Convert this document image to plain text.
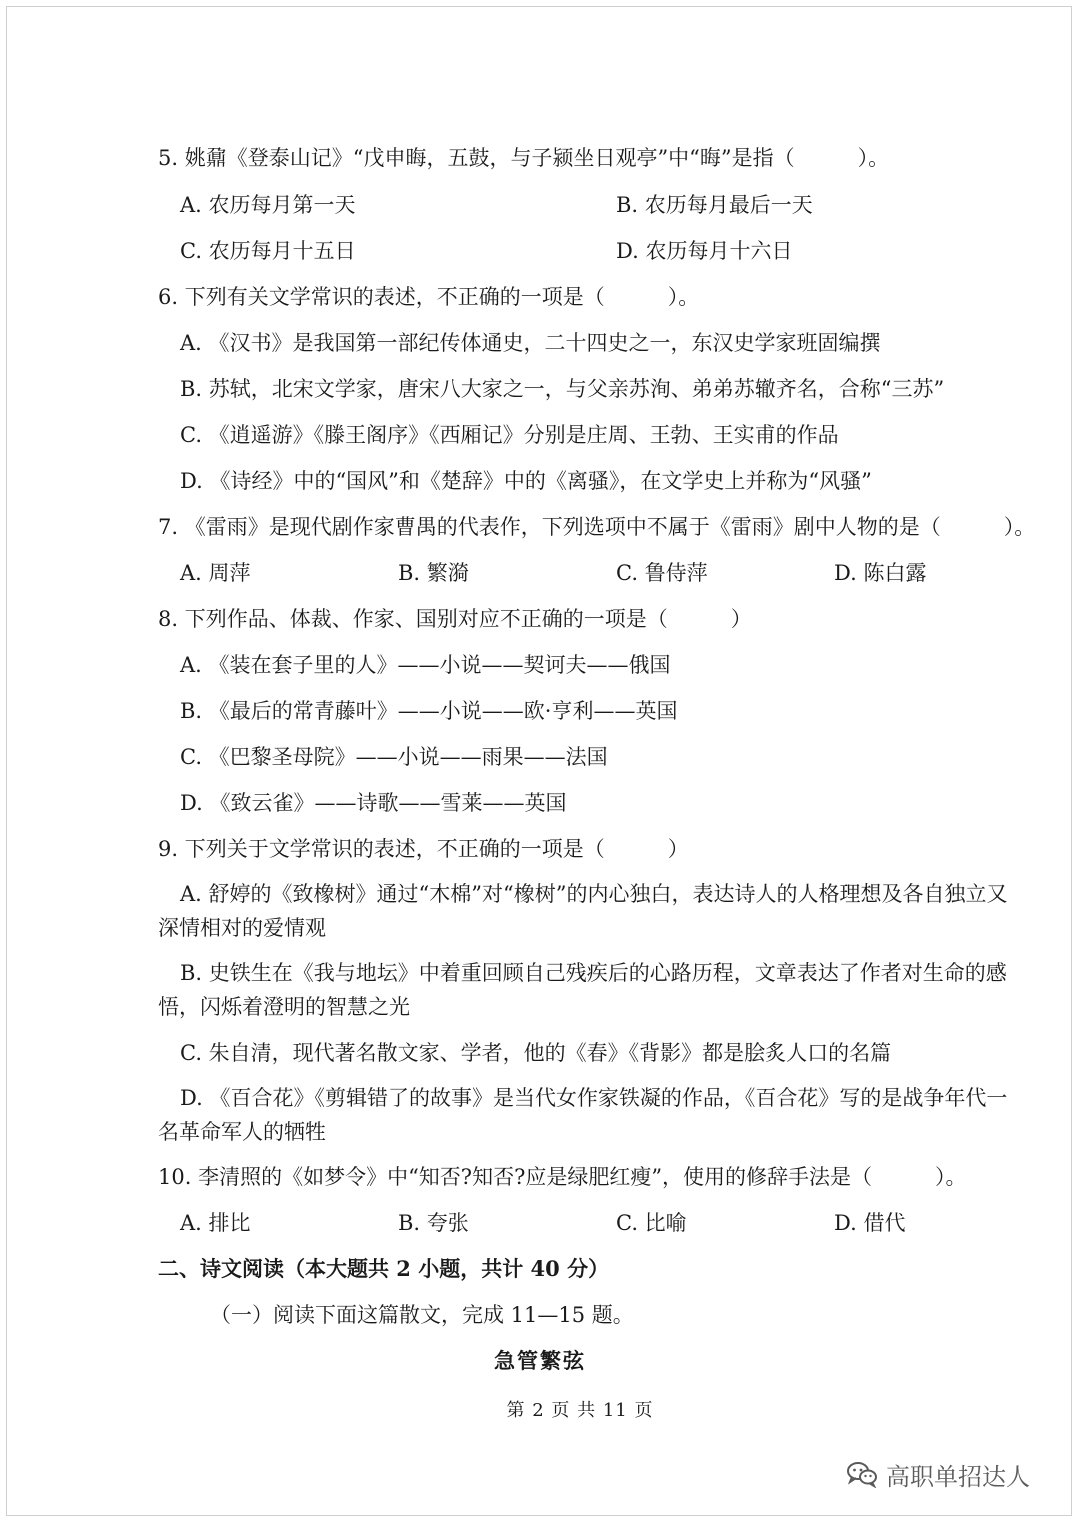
5. 姚鼐《登泰山记》“戊申晦，五鼓，与子颍坐日观亭”中“晦”是指（　　　）。
A. 农历每月第一天	B. 农历每月最后一天
C. 农历每月十五日	D. 农历每月十六日
6. 下列有关文学常识的表述，不正确的一项是（　　　）。
A. 《汉书》是我国第一部纪传体通史，二十四史之一，东汉史学家班固编撰
B. 苏轼，北宋文学家，唐宋八大家之一，与父亲苏洵、弟弟苏辙齐名，合称“三苏”
C. 《逍遥游》《滕王阁序》《西厢记》分别是庄周、王勃、王实甫的作品
D. 《诗经》中的“国风”和《楚辞》中的《离骚》，在文学史上并称为“风骚”
7. 《雷雨》是现代剧作家曹禺的代表作，下列选项中不属于《雷雨》剧中人物的是（　　　）。
A. 周萍	B. 繁漪	C. 鲁侍萍	D. 陈白露
8. 下列作品、体裁、作家、国别对应不正确的一项是（　　　）
A. 《装在套子里的人》——小说——契诃夫——俄国
B. 《最后的常青藤叶》——小说——欧·亨利——英国
C. 《巴黎圣母院》——小说——雨果——法国
D. 《致云雀》——诗歌——雪莱——英国
9. 下列关于文学常识的表述，不正确的一项是（　　　）
A. 舒婷的《致橡树》通过“木棉”对“橡树”的内心独白，表达诗人的人格理想及各自独立又深情相对的爱情观
B. 史铁生在《我与地坛》中着重回顾自己残疾后的心路历程，文章表达了作者对生命的感悟，闪烁着澄明的智慧之光
C. 朱自清，现代著名散文家、学者，他的《春》《背影》都是脍炙人口的名篇
D. 《百合花》《剪辑错了的故事》是当代女作家铁凝的作品，《百合花》写的是战争年代一名革命军人的牺牲
10. 李清照的《如梦令》中“知否?知否?应是绿肥红瘦”，使用的修辞手法是（　　　）。
A. 排比	B. 夸张	C. 比喻	D. 借代
二、诗文阅读（本大题共 2 小题，共计 40 分）
（一）阅读下面这篇散文，完成 11—15 题。
急管繁弦
第 2 页 共 11 页
高职单招达人
